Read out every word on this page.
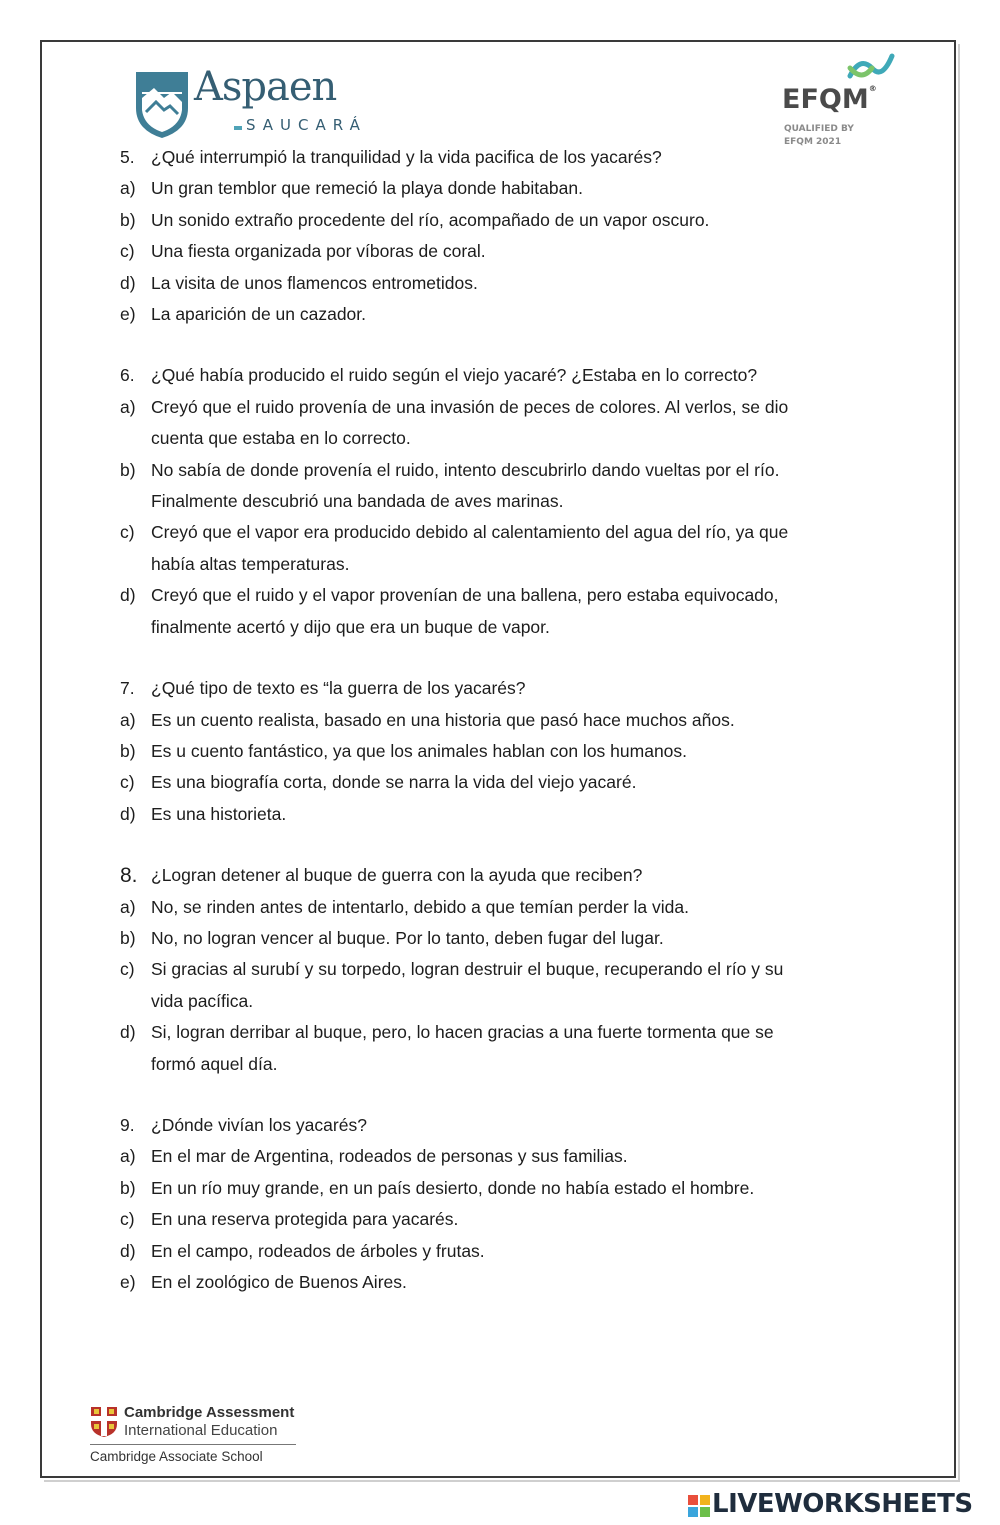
Aspaen
SAUCARÁ
EFQM®
QUALIFIED BY
EFQM 2021
5. ¿Qué interrumpió la tranquilidad y la vida pacifica de los yacarés?
a) Un gran temblor que remeció la playa donde habitaban.
b) Un sonido extraño procedente del río, acompañado de un vapor oscuro.
c) Una fiesta organizada por víboras de coral.
d) La visita de unos flamencos entrometidos.
e) La aparición de un cazador.
6. ¿Qué había producido el ruido según el viejo yacaré? ¿Estaba en lo correcto?
a) Creyó que el ruido provenía de una invasión de peces de colores. Al verlos, se dio
cuenta que estaba en lo correcto.
b) No sabía de donde provenía el ruido, intento descubrirlo dando vueltas por el río.
Finalmente descubrió una bandada de aves marinas.
c) Creyó que el vapor era producido debido al calentamiento del agua del río, ya que
había altas temperaturas.
d) Creyó que el ruido y el vapor provenían de una ballena, pero estaba equivocado,
finalmente acertó y dijo que era un buque de vapor.
7. ¿Qué tipo de texto es “la guerra de los yacarés?
a) Es un cuento realista, basado en una historia que pasó hace muchos años.
b) Es u cuento fantástico, ya que los animales hablan con los humanos.
c) Es una biografía corta, donde se narra la vida del viejo yacaré.
d) Es una historieta.
8. ¿Logran detener al buque de guerra con la ayuda que reciben?
a) No, se rinden antes de intentarlo, debido a que temían perder la vida.
b) No, no logran vencer al buque. Por lo tanto, deben fugar del lugar.
c) Si gracias al surubí y su torpedo, logran destruir el buque, recuperando el río y su
vida pacífica.
d) Si, logran derribar al buque, pero, lo hacen gracias a una fuerte tormenta que se
formó aquel día.
9. ¿Dónde vivían los yacarés?
a) En el mar de Argentina, rodeados de personas y sus familias.
b) En un río muy grande, en un país desierto, donde no había estado el hombre.
c) En una reserva protegida para yacarés.
d) En el campo, rodeados de árboles y frutas.
e) En el zoológico de Buenos Aires.
Cambridge Assessment
International Education
Cambridge Associate School
LIVEWORKSHEETS
